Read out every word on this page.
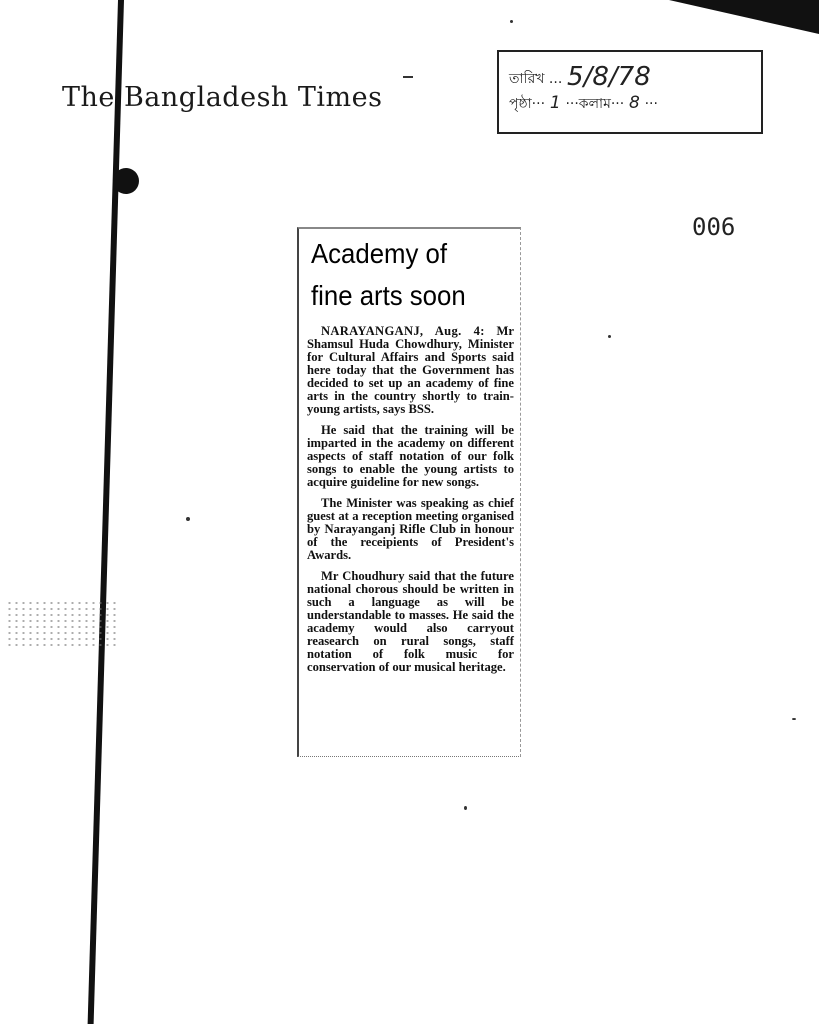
The Bangladesh Times
তারিখ ... 5/8/78
পৃষ্ঠা··· 1 ···কলাম··· 8 ···
006
Academy of
fine arts soon

NARAYANGANJ, Aug. 4: Mr Shamsul Huda Chowdhury, Minister for Cultural Affairs and Sports said here today that the Government has decided to set up an academy of fine arts in the country shortly to train-young artists, says BSS.

He said that the training will be imparted in the academy on different aspects of staff notation of our folk songs to enable the young artists to acquire guideline for new songs.

The Minister was speaking as chief guest at a reception meeting organised by Narayanganj Rifle Club in honour of the receipients of President's Awards.

Mr Choudhury said that the future national chorous should be written in such a language as will be understandable to masses. He said the academy would also carryout reasearch on rural songs, staff notation of folk music for conservation of our musical heritage.
